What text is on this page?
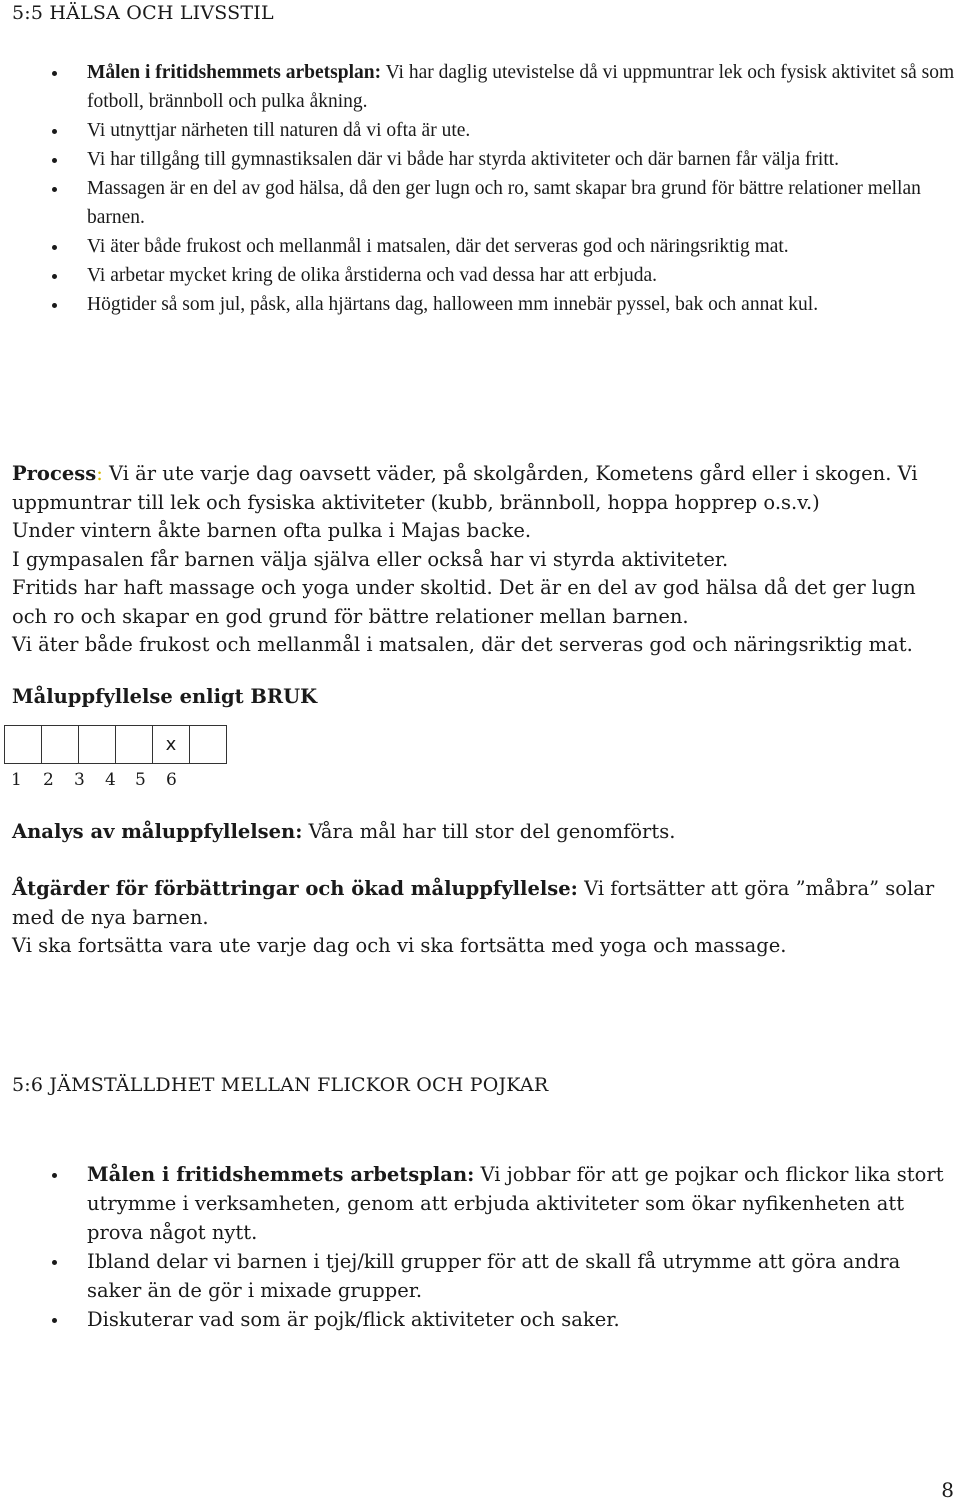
5:5 HÄLSA OCH LIVSSTIL
Målen i fritidshemmets arbetsplan: Vi har daglig utevistelse då vi uppmuntrar lek och fysisk aktivitet så som fotboll, brännboll och pulka åkning.
Vi utnyttjar närheten till naturen då vi ofta är ute.
Vi har tillgång till gymnastiksalen där vi både har styrda aktiviteter och där barnen får välja fritt.
Massagen är en del av god hälsa, då den ger lugn och ro, samt skapar bra grund för bättre relationer mellan barnen.
Vi äter både frukost och mellanmål i matsalen, där det serveras god och näringsriktig mat.
Vi arbetar mycket kring de olika årstiderna och vad dessa har att erbjuda.
Högtider så som jul, påsk, alla hjärtans dag, halloween mm innebär pyssel, bak och annat kul.

Process: Vi är ute varje dag oavsett väder, på skolgården, Kometens gård eller i skogen. Vi uppmuntrar till lek och fysiska aktiviteter (kubb, brännboll, hoppa hopprep o.s.v.)

Under vintern åkte barnen ofta pulka i Majas backe.

I gympasalen får barnen välja själva eller också har vi styrda aktiviteter.

Fritids har haft massage och yoga under skoltid. Det är en del av god hälsa då det ger lugn och ro och skapar en god grund för bättre relationer mellan barnen.

Vi äter både frukost och mellanmål i matsalen, där det serveras god och näringsriktig mat.

Måluppfyllelse enligt BRUK
				x	
1 2 3 4 5 6

Analys av måluppfyllelsen: Våra mål har till stor del genomförts.

Åtgärder för förbättringar och ökad måluppfyllelse: Vi fortsätter att göra ”måbra” solar med de nya barnen.

Vi ska fortsätta vara ute varje dag och vi ska fortsätta med yoga och massage.

5:6 JÄMSTÄLLDHET MELLAN FLICKOR OCH POJKAR
Målen i fritidshemmets arbetsplan: Vi jobbar för att ge pojkar och flickor lika stort utrymme i verksamheten, genom att erbjuda aktiviteter som ökar nyfikenheten att prova något nytt.
Ibland delar vi barnen i tjej/kill grupper för att de skall få utrymme att göra andra saker än de gör i mixade grupper.
Diskuterar vad som är pojk/flick aktiviteter och saker.
8
